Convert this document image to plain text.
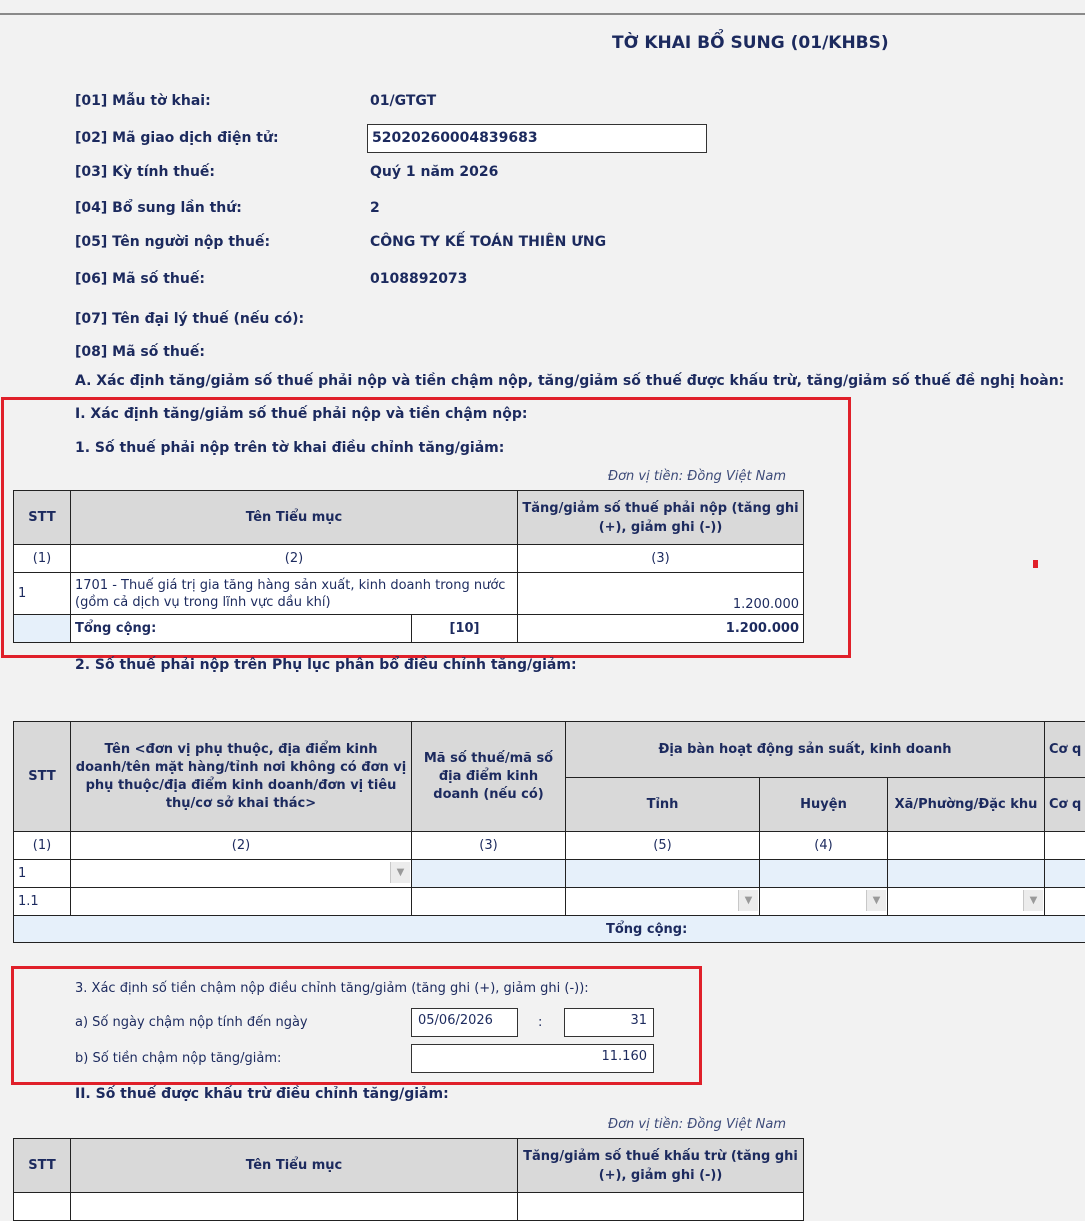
TỜ KHAI BỔ SUNG (01/KHBS)
[01] Mẫu tờ khai:	01/GTGT
[02] Mã giao dịch điện tử:	52020260004839683
[03] Kỳ tính thuế:	Quý 1 năm 2026
[04] Bổ sung lần thứ:	2
[05] Tên người nộp thuế:	CÔNG TY KẾ TOÁN THIÊN ƯNG
[06] Mã số thuế:	0108892073
[07] Tên đại lý thuế (nếu có):
[08] Mã số thuế:
A. Xác định tăng/giảm số thuế phải nộp và tiền chậm nộp, tăng/giảm số thuế được khấu trừ, tăng/giảm số thuế đề nghị hoàn:
I. Xác định tăng/giảm số thuế phải nộp và tiền chậm nộp:
1. Số thuế phải nộp trên tờ khai điều chỉnh tăng/giảm:
Đơn vị tiền: Đồng Việt Nam
STT	Tên Tiểu mục		Tăng/giảm số thuế phải nộp (tăng ghi (+), giảm ghi (-))
(1)	(2)		(3)
1	1701 - Thuế giá trị gia tăng hàng sản xuất, kinh doanh trong nước (gồm cả dịch vụ trong lĩnh vực dầu khí)		1.200.000
	Tổng cộng:	[10]	1.200.000
2. Số thuế phải nộp trên Phụ lục phân bổ điều chỉnh tăng/giảm:
STT	Tên <đơn vị phụ thuộc, địa điểm kinh doanh/tên mặt hàng/tỉnh nơi không có đơn vị phụ thuộc/địa điểm kinh doanh/đơn vị tiêu thụ/cơ sở khai thác>	Mã số thuế/mã số địa điểm kinh doanh (nếu có)	Địa bàn hoạt động sản suất, kinh doanh			Cơ q
			Tỉnh	Huyện	Xã/Phường/Đặc khu	Cơ q
(1)	(2)	(3)	(5)	(4)		
1	▼					

1.1			▼	▼	▼	

Tổng cộng:						
3. Xác định số tiền chậm nộp điều chỉnh tăng/giảm (tăng ghi (+), giảm ghi (-)):
a) Số ngày chậm nộp tính đến ngày	05/06/2026	:	31
b) Số tiền chậm nộp tăng/giảm:	11.160
II. Số thuế được khấu trừ điều chỉnh tăng/giảm:
Đơn vị tiền: Đồng Việt Nam
STT	Tên Tiểu mục	Tăng/giảm số thuế khấu trừ (tăng ghi (+), giảm ghi (-))
